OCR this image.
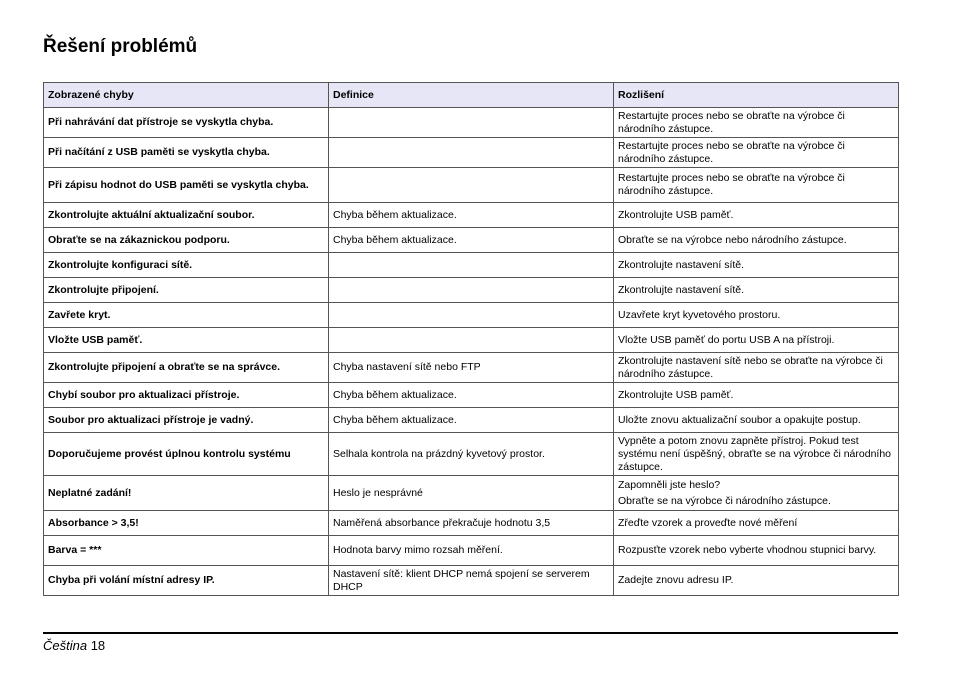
Řešení problémů
Zobrazené chyby	Definice	Rozlišení
Při nahrávání dat přístroje se vyskytla chyba.		Restartujte proces nebo se obraťte na výrobce či národního zástupce.
Při načítání z USB paměti se vyskytla chyba.		Restartujte proces nebo se obraťte na výrobce či národního zástupce.
Při zápisu hodnot do USB paměti se vyskytla chyba.		Restartujte proces nebo se obraťte na výrobce či národního zástupce.
Zkontrolujte aktuální aktualizační soubor.	Chyba během aktualizace.	Zkontrolujte USB paměť.
Obraťte se na zákaznickou podporu.	Chyba během aktualizace.	Obraťte se na výrobce nebo národního zástupce.
Zkontrolujte konfiguraci sítě.		Zkontrolujte nastavení sítě.
Zkontrolujte připojení.		Zkontrolujte nastavení sítě.
Zavřete kryt.		Uzavřete kryt kyvetového prostoru.
Vložte USB paměť.		Vložte USB paměť do portu USB A na přístroji.
Zkontrolujte připojení a obraťte se na správce.	Chyba nastavení sítě nebo FTP	Zkontrolujte nastavení sítě nebo se obraťte na výrobce či národního zástupce.
Chybí soubor pro aktualizaci přístroje.	Chyba během aktualizace.	Zkontrolujte USB paměť.
Soubor pro aktualizaci přístroje je vadný.	Chyba během aktualizace.	Uložte znovu aktualizační soubor a opakujte postup.
Doporučujeme provést úplnou kontrolu systému	Selhala kontrola na prázdný kyvetový prostor.	Vypněte a potom znovu zapněte přístroj. Pokud test systému není úspěšný, obraťte se na výrobce či národního zástupce.
Neplatné zadání!	Heslo je nesprávné	Zapomněli jste heslo?
Obraťte se na výrobce či národního zástupce.

Absorbance > 3,5!	Naměřená absorbance překračuje hodnotu 3,5	Zřeďte vzorek a proveďte nové měření
Barva = ***	Hodnota barvy mimo rozsah měření.	Rozpusťte vzorek nebo vyberte vhodnou stupnici barvy.
Chyba při volání místní adresy IP.	Nastavení sítě: klient DHCP nemá spojení se serverem DHCP	Zadejte znovu adresu IP.
Čeština 18
